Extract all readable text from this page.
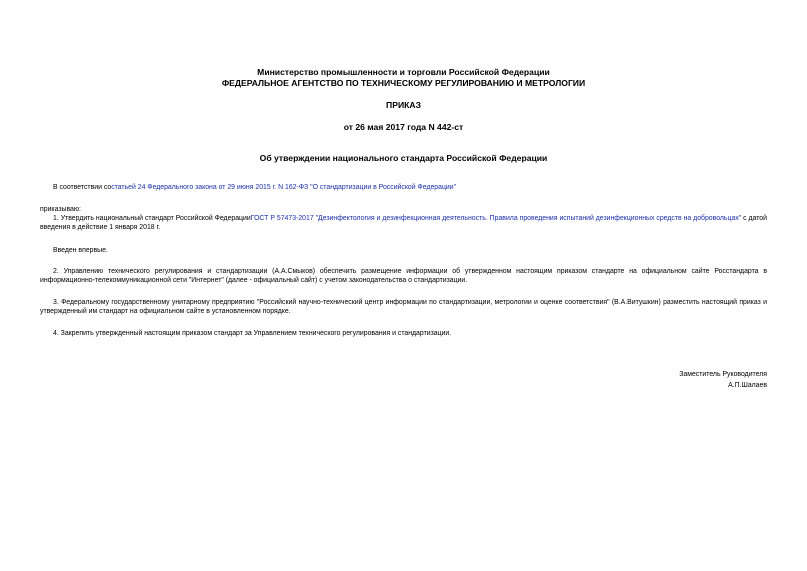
Министерство промышленности и торговли Российской Федерации
ФЕДЕРАЛЬНОЕ АГЕНТСТВО ПО ТЕХНИЧЕСКОМУ РЕГУЛИРОВАНИЮ И МЕТРОЛОГИИ
ПРИКАЗ
от 26 мая 2017 года N 442-ст
Об утверждении национального стандарта Российской Федерации
В соответствии состатьей 24 Федерального закона от 29 июня 2015 г. N 162-ФЗ "О стандартизации в Российской Федерации"
приказываю:
1. Утвердить национальный стандарт Российской ФедерацииГОСТ Р 57473-2017 "Дезинфектология и дезинфекционная деятельность. Правила проведения испытаний дезинфекционных средств на добровольцах" с датой введения в действие 1 января 2018 г.
Введен впервые.
2. Управлению технического регулирования и стандартизации (А.А.Смыков) обеспечить размещение информации об утвержденном настоящим приказом стандарте на официальном сайте Росстандарта в информационно-телекоммуникационной сети "Интернет" (далее - официальный сайт) с учетом законодательства о стандартизации.
3. Федеральному государственному унитарному предприятию "Российский научно-технический центр информации по стандартизации, метрологии и оценке соответствия" (В.А.Витушкин) разместить настоящий приказ и утвержденный им стандарт на официальном сайте в установленном порядке.
4. Закрепить утвержденный настоящим приказом стандарт за Управлением технического регулирования и стандартизации.
Заместитель Руководителя
А.П.Шалаев
